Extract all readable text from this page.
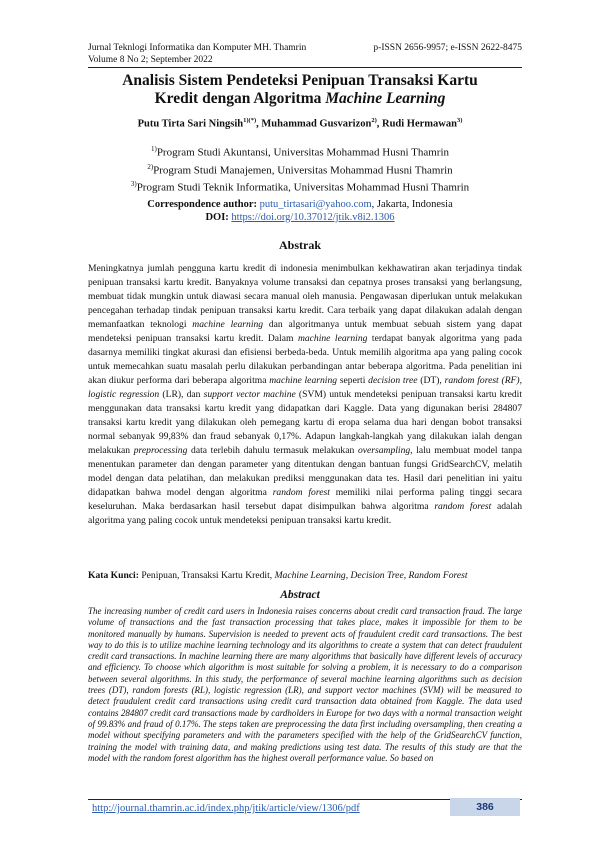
Jurnal Teknlogi Informatika dan Komputer MH. Thamrin
Volume 8 No 2; September 2022
p-ISSN 2656-9957; e-ISSN 2622-8475
Analisis Sistem Pendeteksi Penipuan Transaksi Kartu
Kredit dengan Algoritma Machine Learning
Putu Tirta Sari Ningsih$^{1)(*)}$, Muhammad Gusvarizon$^{2)}$, Rudi Hermawan$^{3)}$
$^{1)}$Program Studi Akuntansi, Universitas Mohammad Husni Thamrin
$^{2)}$Program Studi Manajemen, Universitas Mohammad Husni Thamrin
$^{3)}$Program Studi Teknik Informatika, Universitas Mohammad Husni Thamrin
Correspondence author: putu_tirtasari@yahoo.com, Jakarta, Indonesia
DOI: https://doi.org/10.37012/jtik.v8i2.1306
Abstrak
Meningkatnya jumlah pengguna kartu kredit di indonesia menimbulkan kekhawatiran akan terjadinya tindak penipuan transaksi kartu kredit. Banyaknya volume transaksi dan cepatnya proses transaksi yang berlangsung, membuat tidak mungkin untuk diawasi secara manual oleh manusia. Pengawasan diperlukan untuk melakukan pencegahan terhadap tindak penipuan transaksi kartu kredit. Cara terbaik yang dapat dilakukan adalah dengan memanfaatkan teknologi machine learning dan algoritmanya untuk membuat sebuah sistem yang dapat mendeteksi penipuan transaksi kartu kredit. Dalam machine learning terdapat banyak algoritma yang pada dasarnya memiliki tingkat akurasi dan efisiensi berbeda-beda. Untuk memilih algoritma apa yang paling cocok untuk memecahkan suatu masalah perlu dilakukan perbandingan antar beberapa algoritma. Pada penelitian ini akan diukur performa dari beberapa algoritma machine learning seperti decision tree (DT), random forest (RF), logistic regression (LR), dan support vector machine (SVM) untuk mendeteksi penipuan transaksi kartu kredit menggunakan data transaksi kartu kredit yang didapatkan dari Kaggle. Data yang digunakan berisi 284807 transaksi kartu kredit yang dilakukan oleh pemegang kartu di eropa selama dua hari dengan bobot transaksi normal sebanyak 99,83% dan fraud sebanyak 0,17%. Adapun langkah-langkah yang dilakukan ialah dengan melakukan preprocessing data terlebih dahulu termasuk melakukan oversampling, lalu membuat model tanpa menentukan parameter dan dengan parameter yang ditentukan dengan bantuan fungsi GridSearchCV, melatih model dengan data pelatihan, dan melakukan prediksi menggunakan data tes. Hasil dari penelitian ini yaitu didapatkan bahwa model dengan algoritma random forest memiliki nilai performa paling tinggi secara keseluruhan. Maka berdasarkan hasil tersebut dapat disimpulkan bahwa algoritma random forest adalah algoritma yang paling cocok untuk mendeteksi penipuan transaksi kartu kredit.
Kata Kunci: Penipuan, Transaksi Kartu Kredit, Machine Learning, Decision Tree, Random Forest
Abstract
The increasing number of credit card users in Indonesia raises concerns about credit card transaction fraud. The large volume of transactions and the fast transaction processing that takes place, makes it impossible for them to be monitored manually by humans. Supervision is needed to prevent acts of fraudulent credit card transactions. The best way to do this is to utilize machine learning technology and its algorithms to create a system that can detect fraudulent credit card transactions. In machine learning there are many algorithms that basically have different levels of accuracy and efficiency. To choose which algorithm is most suitable for solving a problem, it is necessary to do a comparison between several algorithms. In this study, the performance of several machine learning algorithms such as decision trees (DT), random forests (RL), logistic regression (LR), and support vector machines (SVM) will be measured to detect fraudulent credit card transactions using credit card transaction data obtained from Kaggle. The data used contains 284807 credit card transactions made by cardholders in Europe for two days with a normal transaction weight of 99.83% and fraud of 0.17%. The steps taken are preprocessing the data first including oversampling, then creating a model without specifying parameters and with the parameters specified with the help of the GridSearchCV function, training the model with training data, and making predictions using test data. The results of this study are that the model with the random forest algorithm has the highest overall performance value. So based on
http://journal.thamrin.ac.id/index.php/jtik/article/view/1306/pdf	386
